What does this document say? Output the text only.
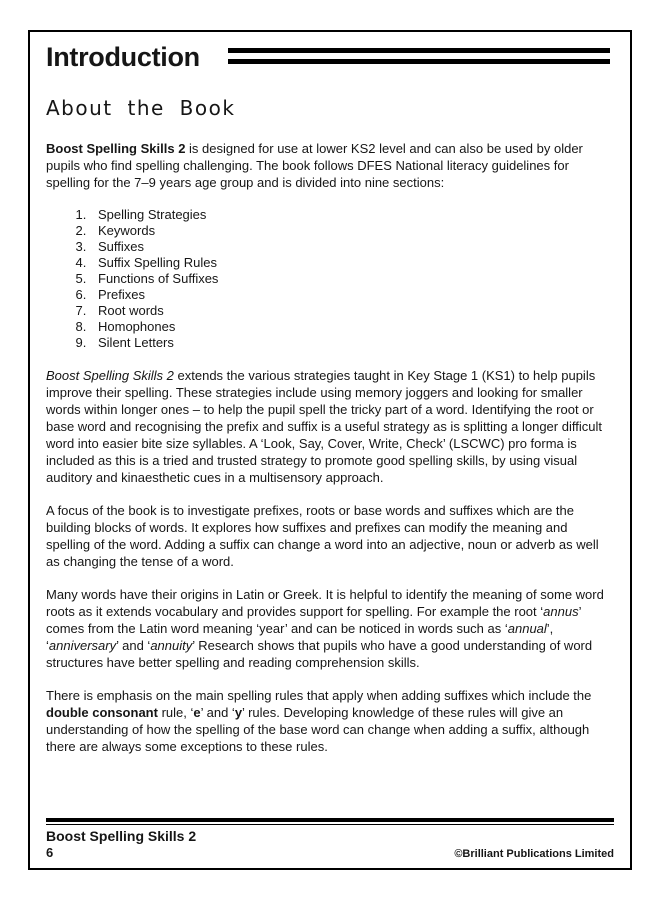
Introduction
About the Book

Boost Spelling Skills 2 is designed for use at lower KS2 level and can also be used by older pupils who find spelling challenging. The book follows DFES National literacy guidelines for spelling for the 7–9 years age group and is divided into nine sections:

1. Spelling Strategies
2. Keywords
3. Suffixes
4. Suffix Spelling Rules
5. Functions of Suffixes
6. Prefixes
7. Root words
8. Homophones
9. Silent Letters

Boost Spelling Skills 2 extends the various strategies taught in Key Stage 1 (KS1) to help pupils improve their spelling. These strategies include using memory joggers and looking for smaller words within longer ones – to help the pupil spell the tricky part of a word. Identifying the root or base word and recognising the prefix and suffix is a useful strategy as is splitting a longer difficult word into easier bite size syllables. A ‘Look, Say, Cover, Write, Check’ (LSCWC) pro forma is included as this is a tried and trusted strategy to promote good spelling skills, by using visual auditory and kinaesthetic cues in a multisensory approach.

A focus of the book is to investigate prefixes, roots or base words and suffixes which are the building blocks of words. It explores how suffixes and prefixes can modify the meaning and spelling of the word. Adding a suffix can change a word into an adjective, noun or adverb as well as changing the tense of a word.

Many words have their origins in Latin or Greek. It is helpful to identify the meaning of some word roots as it extends vocabulary and provides support for spelling. For example the root ‘annus’ comes from the Latin word meaning ‘year’ and can be noticed in words such as ‘annual’, ‘anniversary’ and ‘annuity’ Research shows that pupils who have a good understanding of word structures have better spelling and reading comprehension skills.

There is emphasis on the main spelling rules that apply when adding suffixes which include the double consonant rule, ‘e’ and ‘y’ rules. Developing knowledge of these rules will give an understanding of how the spelling of the base word can change when adding a suffix, although there are always some exceptions to these rules.

Boost Spelling Skills 2
6	©Brilliant Publications Limited
